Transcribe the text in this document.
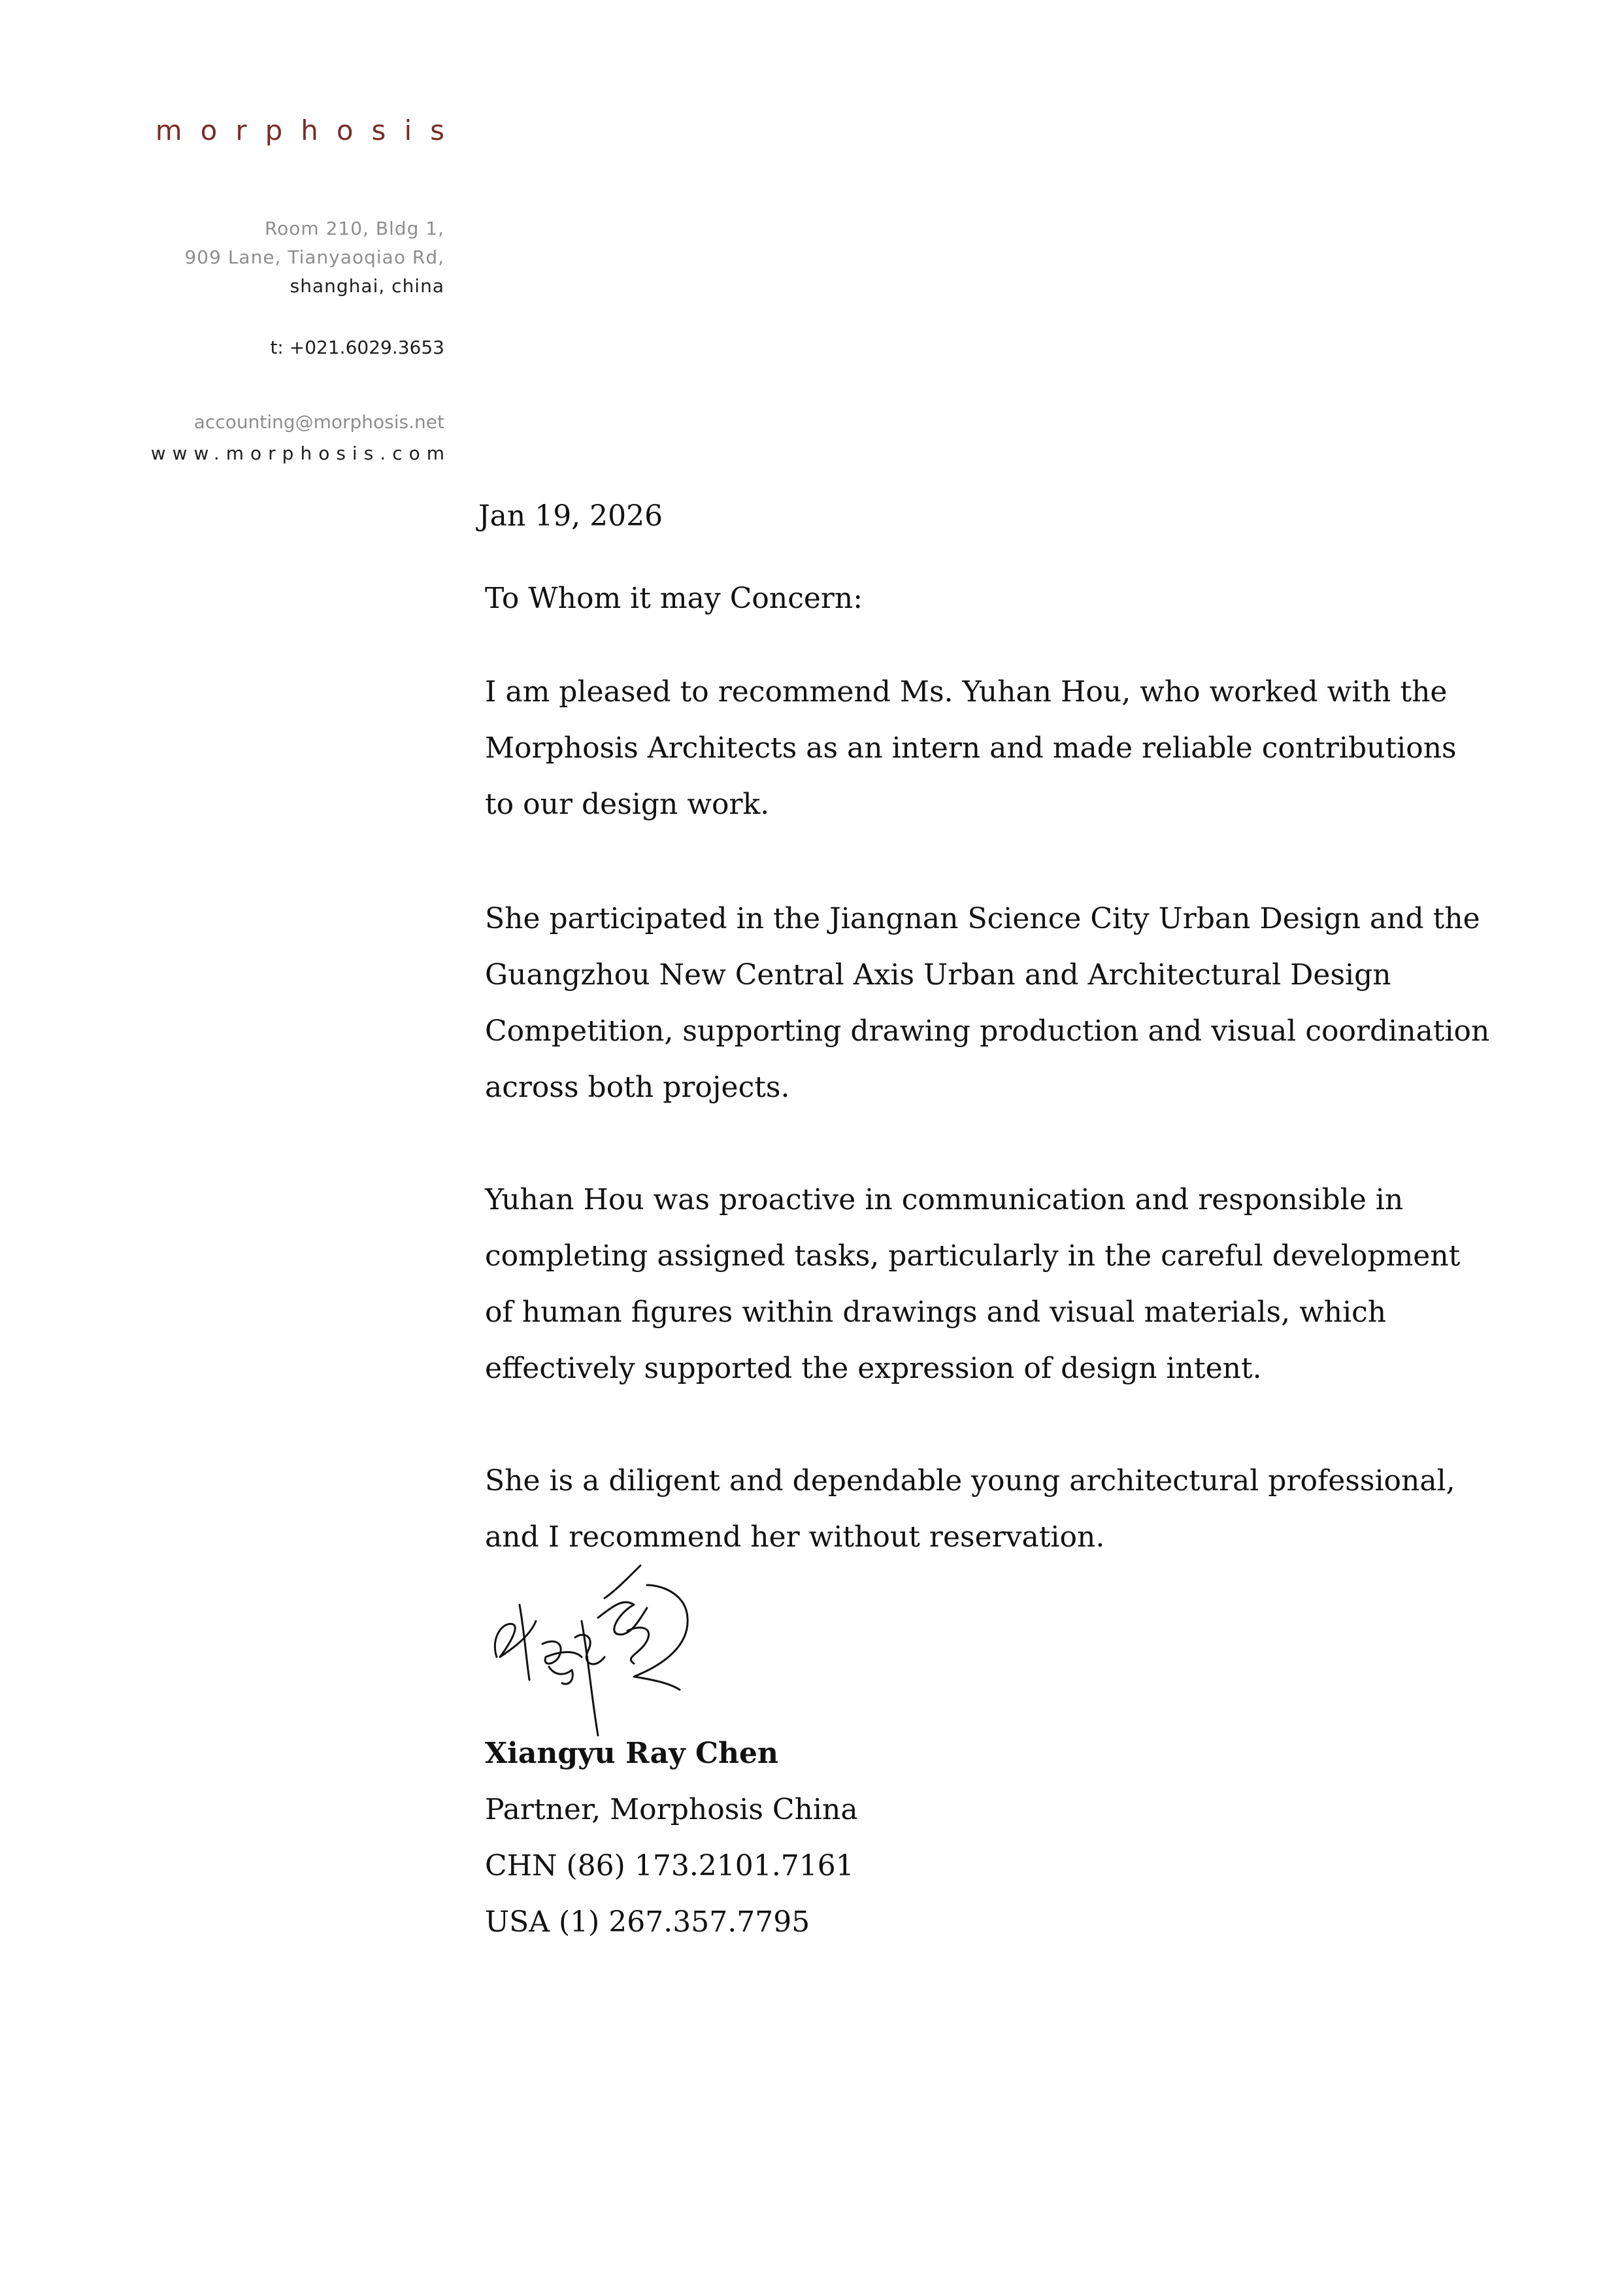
morphosis
Room 210, Bldg 1,
909 Lane, Tianyaoqiao Rd,
shanghai, china
t: +021.6029.3653
accounting@morphosis.net
www.morphosis.com
Jan 19, 2026

To Whom it may Concern:

I am pleased to recommend Ms. Yuhan Hou, who worked with the Morphosis Architects as an intern and made reliable contributions to our design work.

She participated in the Jiangnan Science City Urban Design and the Guangzhou New Central Axis Urban and Architectural Design Competition, supporting drawing production and visual coordination across both projects.

Yuhan Hou was proactive in communication and responsible in completing assigned tasks, particularly in the careful development of human figures within drawings and visual materials, which effectively supported the expression of design intent.

She is a diligent and dependable young architectural professional, and I recommend her without reservation.

Xiangyu Ray Chen
Partner, Morphosis China
CHN (86) 173.2101.7161
USA (1) 267.357.7795
